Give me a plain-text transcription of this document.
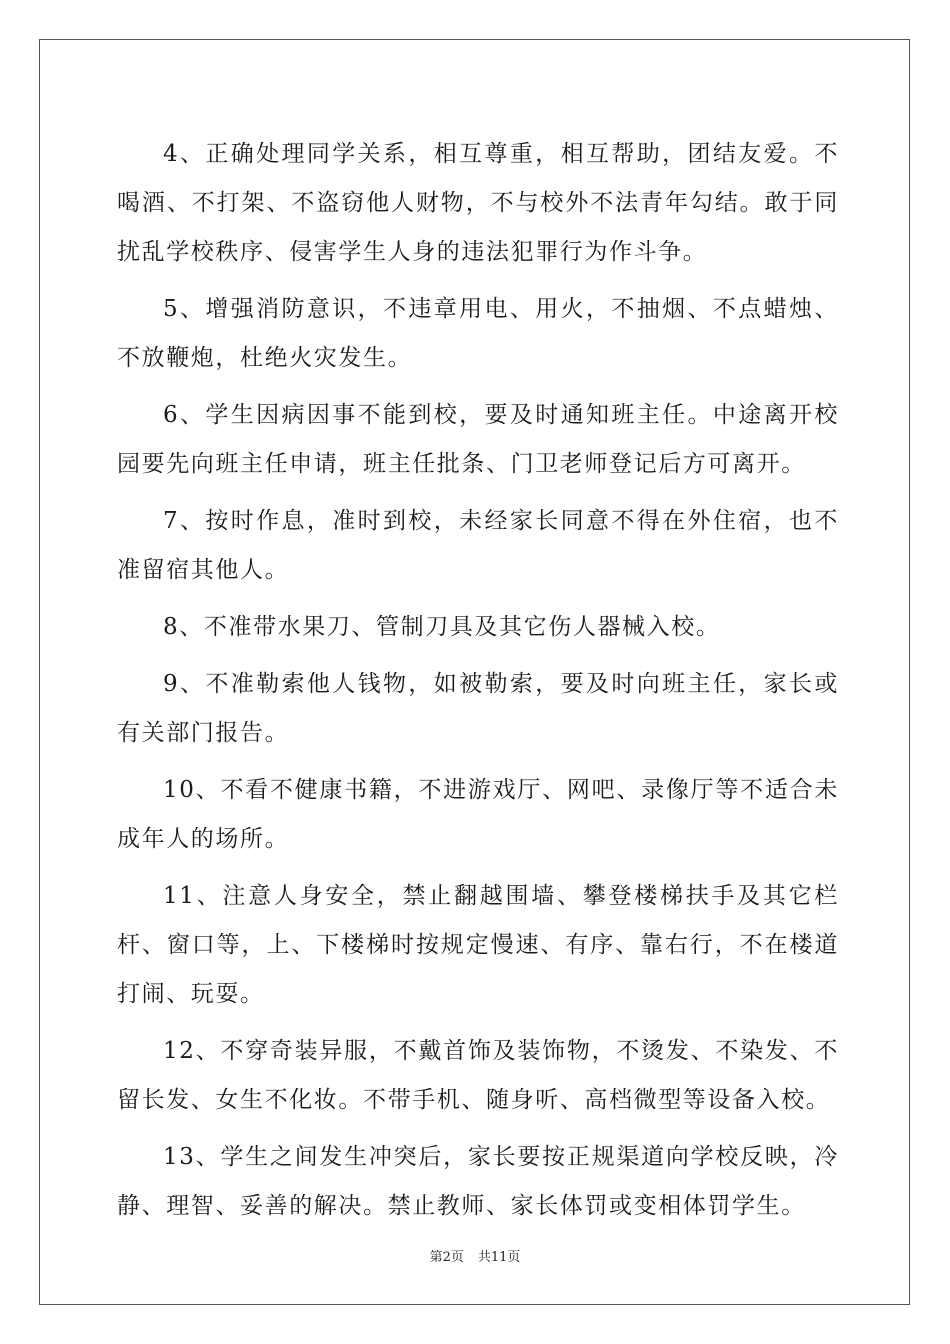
4、正确处理同学关系，相互尊重，相互帮助，团结友爱。不喝酒、不打架、不盗窃他人财物，不与校外不法青年勾结。敢于同扰乱学校秩序、侵害学生人身的违法犯罪行为作斗争。

5、增强消防意识，不违章用电、用火，不抽烟、不点蜡烛、不放鞭炮，杜绝火灾发生。

6、学生因病因事不能到校，要及时通知班主任。中途离开校园要先向班主任申请，班主任批条、门卫老师登记后方可离开。

7、按时作息，准时到校，未经家长同意不得在外住宿，也不准留宿其他人。

8、不准带水果刀、管制刀具及其它伤人器械入校。

9、不准勒索他人钱物，如被勒索，要及时向班主任，家长或有关部门报告。

10、不看不健康书籍，不进游戏厅、网吧、录像厅等不适合未成年人的场所。

11、注意人身安全，禁止翻越围墙、攀登楼梯扶手及其它栏杆、窗口等，上、下楼梯时按规定慢速、有序、靠右行，不在楼道打闹、玩耍。

12、不穿奇装异服，不戴首饰及装饰物，不烫发、不染发、不留长发、女生不化妆。不带手机、随身听、高档微型等设备入校。

13、学生之间发生冲突后，家长要按正规渠道向学校反映，冷静、理智、妥善的解决。禁止教师、家长体罚或变相体罚学生。

第2页 共11页
